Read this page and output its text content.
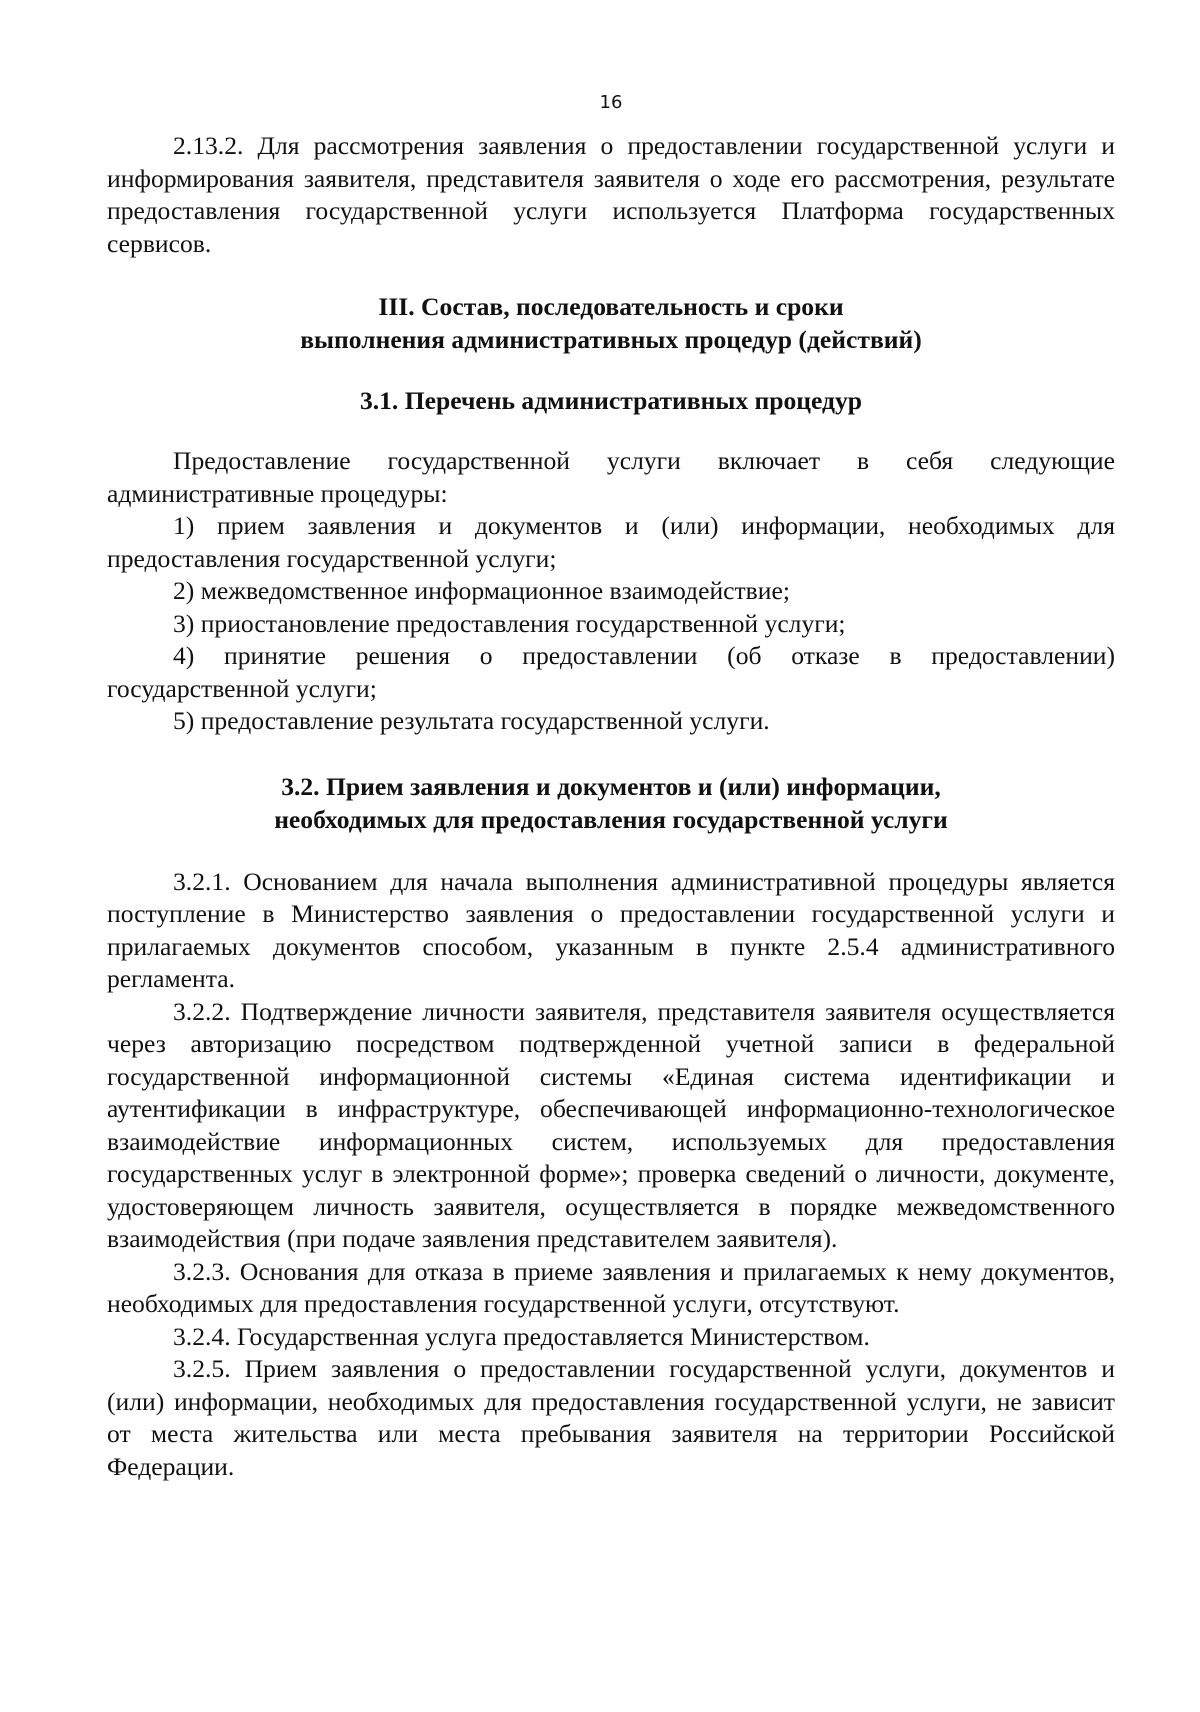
16

2.13.2. Для рассмотрения заявления о предоставлении государственной услуги и информирования заявителя, представителя заявителя о ходе его рассмотрения, результате предоставления государственной услуги используется Платформа государственных сервисов.

III. Состав, последовательность и сроки
выполнения административных процедур (действий)
3.1. Перечень административных процедур

Предоставление государственной услуги включает в себя следующие административные процедуры:

1) прием заявления и документов и (или) информации, необходимых для предоставления государственной услуги;

2) межведомственное информационное взаимодействие;

3) приостановление предоставления государственной услуги;

4) принятие решения о предоставлении (об отказе в предоставлении) государственной услуги;

5) предоставление результата государственной услуги.

3.2. Прием заявления и документов и (или) информации,
необходимых для предоставления государственной услуги

3.2.1. Основанием для начала выполнения административной процедуры является поступление в Министерство заявления о предоставлении государственной услуги и прилагаемых документов способом, указанным в пункте 2.5.4 административного регламента.

3.2.2. Подтверждение личности заявителя, представителя заявителя осуществляется через авторизацию посредством подтвержденной учетной записи в федеральной государственной информационной системы «Единая система идентификации и аутентификации в инфраструктуре, обеспечивающей информационно-технологическое взаимодействие информационных систем, используемых для предоставления государственных услуг в электронной форме»; проверка сведений о личности, документе, удостоверяющем личность заявителя, осуществляется в порядке межведомственного взаимодействия (при подаче заявления представителем заявителя).

3.2.3. Основания для отказа в приеме заявления и прилагаемых к нему документов, необходимых для предоставления государственной услуги, отсутствуют.

3.2.4. Государственная услуга предоставляется Министерством.

3.2.5. Прием заявления о предоставлении государственной услуги, документов и (или) информации, необходимых для предоставления государственной услуги, не зависит от места жительства или места пребывания заявителя на территории Российской Федерации.
